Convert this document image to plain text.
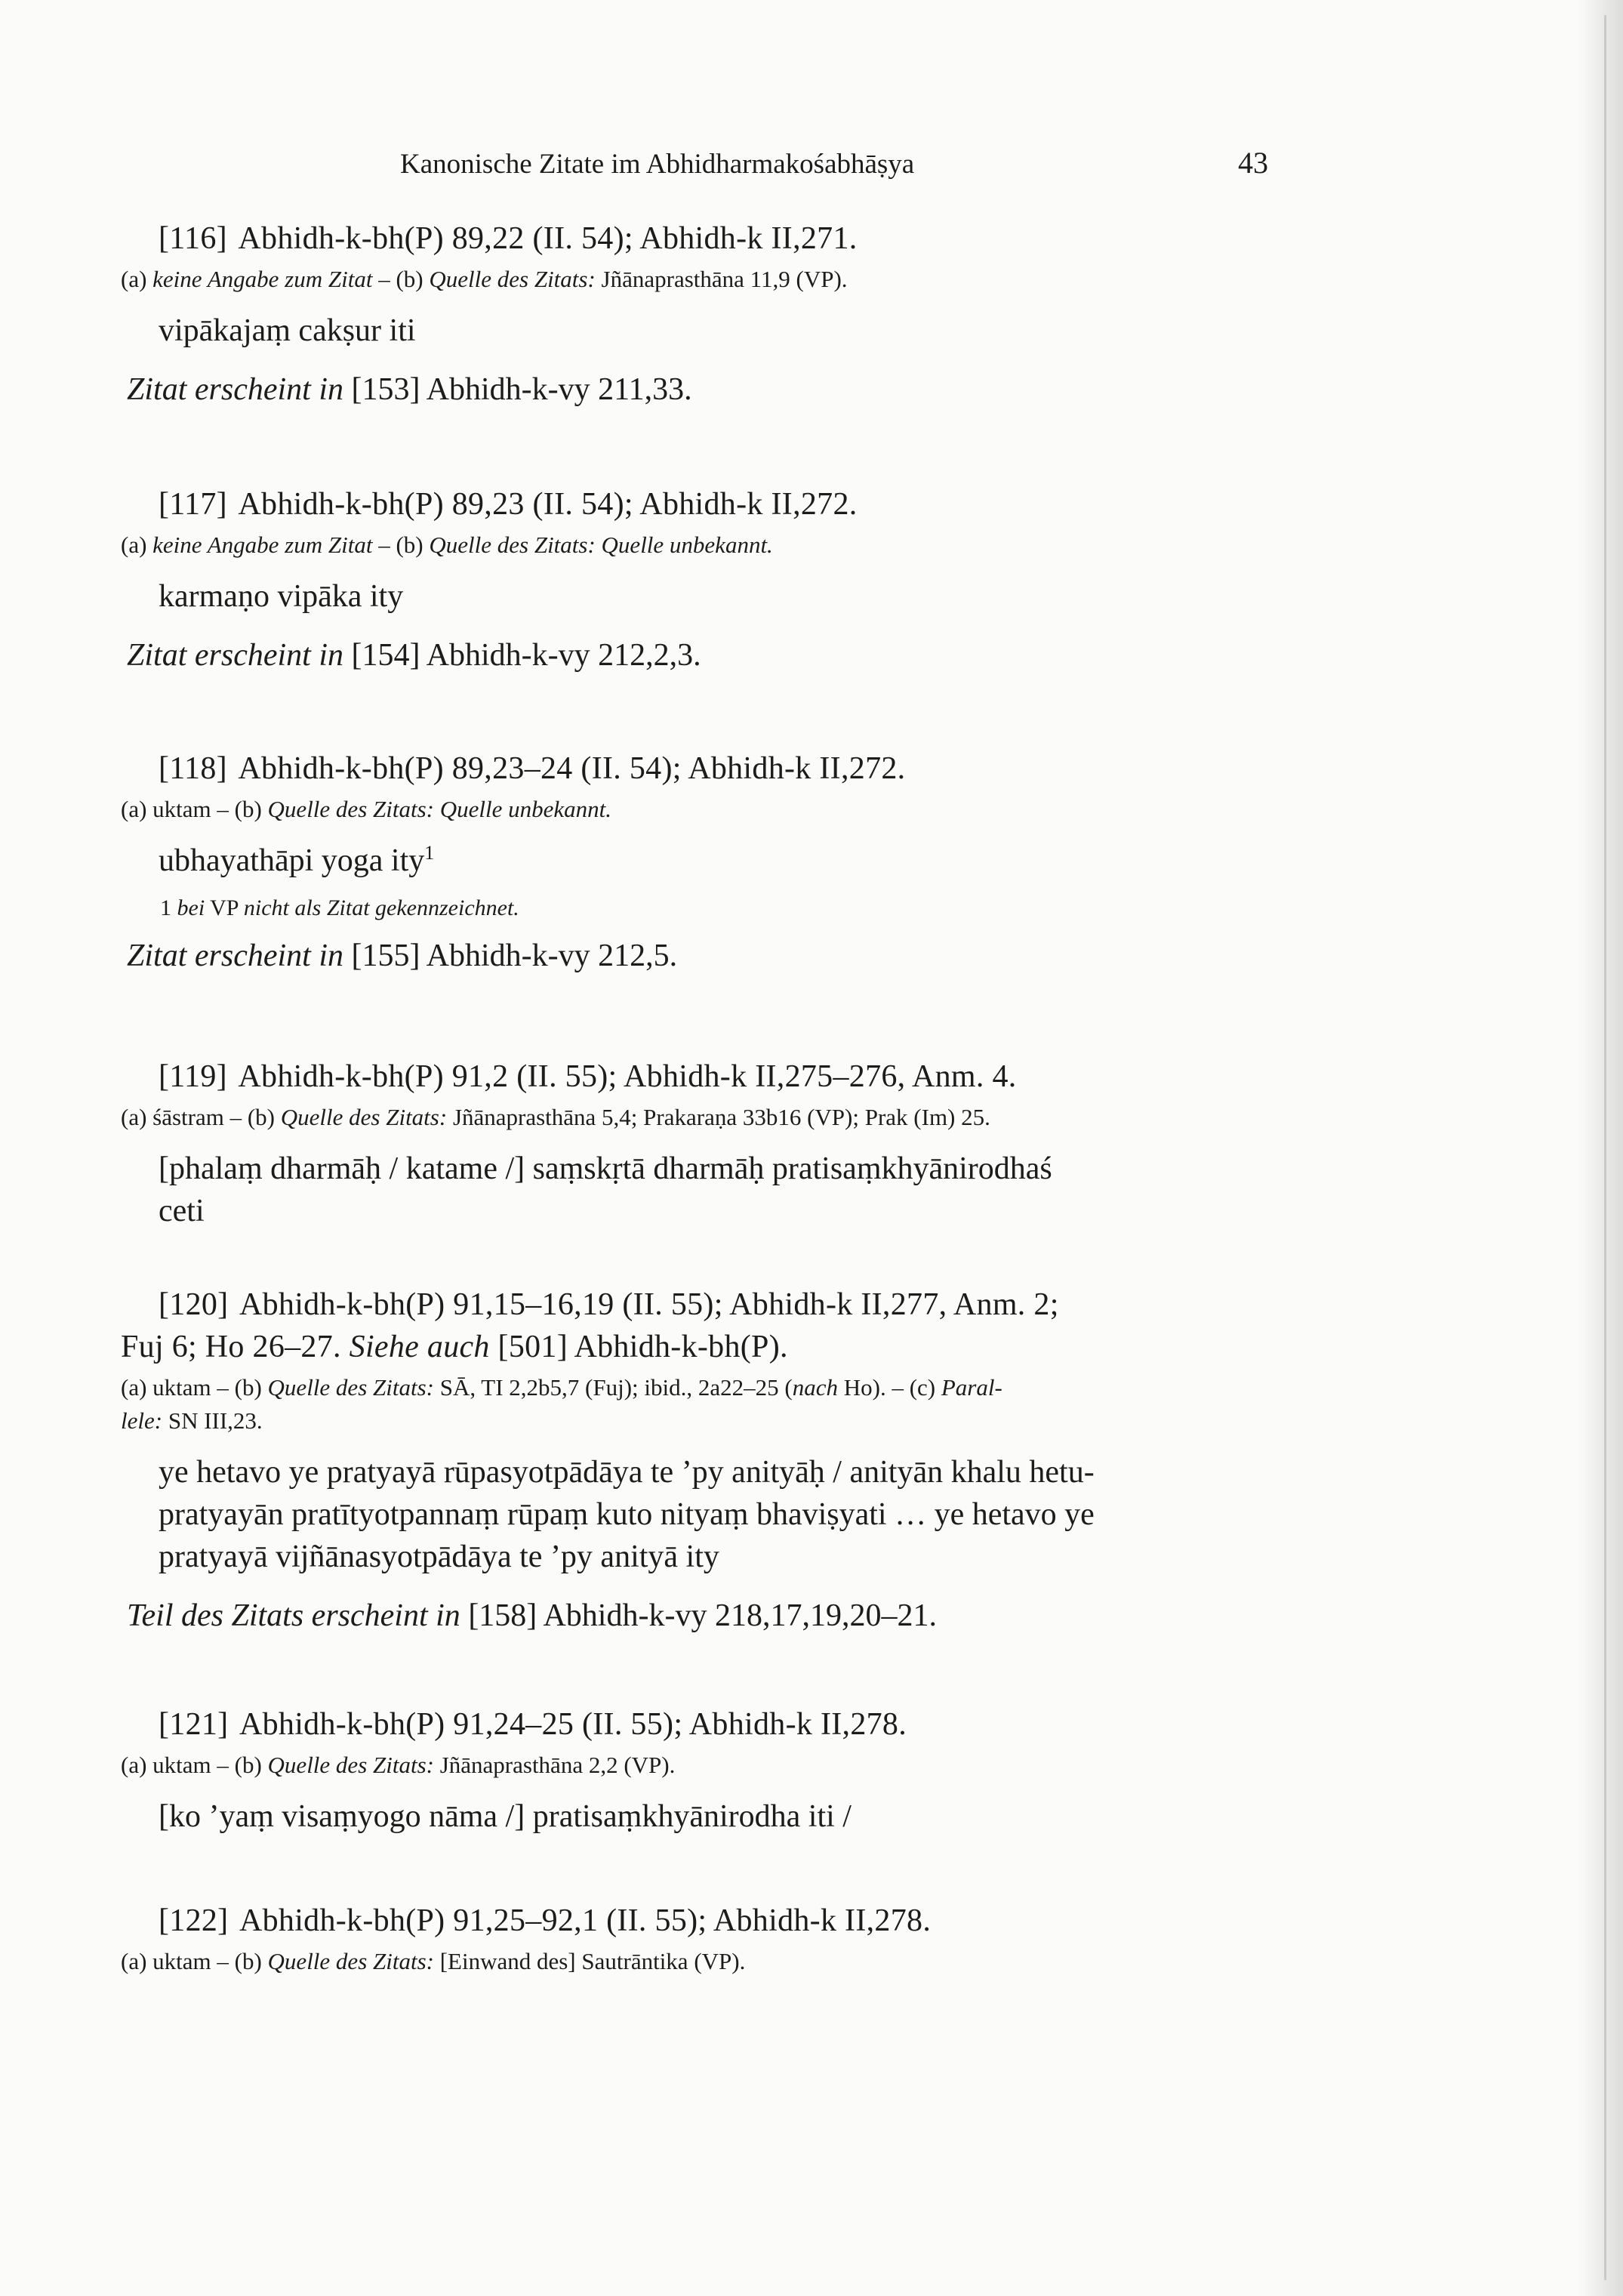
Kanonische Zitate im Abhidharmakośabhāṣya	43
[116] Abhidh-k-bh(P) 89,22 (II. 54); Abhidh-k II,271.
(a) keine Angabe zum Zitat – (b) Quelle des Zitats: Jñānaprasthāna 11,9 (VP).
vipākajaṃ cakṣur iti
Zitat erscheint in [153] Abhidh-k-vy 211,33.
[117] Abhidh-k-bh(P) 89,23 (II. 54); Abhidh-k II,272.
(a) keine Angabe zum Zitat – (b) Quelle des Zitats: Quelle unbekannt.
karmaṇo vipāka ity
Zitat erscheint in [154] Abhidh-k-vy 212,2,3.
[118] Abhidh-k-bh(P) 89,23–24 (II. 54); Abhidh-k II,272.
(a) uktam – (b) Quelle des Zitats: Quelle unbekannt.
ubhayathāpi yoga ity$^1$
1 bei VP nicht als Zitat gekennzeichnet.
Zitat erscheint in [155] Abhidh-k-vy 212,5.
[119] Abhidh-k-bh(P) 91,2 (II. 55); Abhidh-k II,275–276, Anm. 4.
(a) śāstram – (b) Quelle des Zitats: Jñānaprasthāna 5,4; Prakaraṇa 33b16 (VP); Prak (Im) 25.
[phalaṃ dharmāḥ / katame /] saṃskṛtā dharmāḥ pratisaṃkhyānirodhaś
ceti
[120] Abhidh-k-bh(P) 91,15–16,19 (II. 55); Abhidh-k II,277, Anm. 2;
Fuj 6; Ho 26–27. Siehe auch [501] Abhidh-k-bh(P).
(a) uktam – (b) Quelle des Zitats: SĀ, TI 2,2b5,7 (Fuj); ibid., 2a22–25 (nach Ho). – (c) Paral-
lele: SN III,23.
ye hetavo ye pratyayā rūpasyotpādāya te ’py anityāḥ / anityān khalu hetu-
pratyayān pratītyotpannaṃ rūpaṃ kuto nityaṃ bhaviṣyati … ye hetavo ye
pratyayā vijñānasyotpādāya te ’py anityā ity
Teil des Zitats erscheint in [158] Abhidh-k-vy 218,17,19,20–21.
[121] Abhidh-k-bh(P) 91,24–25 (II. 55); Abhidh-k II,278.
(a) uktam – (b) Quelle des Zitats: Jñānaprasthāna 2,2 (VP).
[ko ’yaṃ visaṃyogo nāma /] pratisaṃkhyānirodha iti /
[122] Abhidh-k-bh(P) 91,25–92,1 (II. 55); Abhidh-k II,278.
(a) uktam – (b) Quelle des Zitats: [Einwand des] Sautrāntika (VP).
